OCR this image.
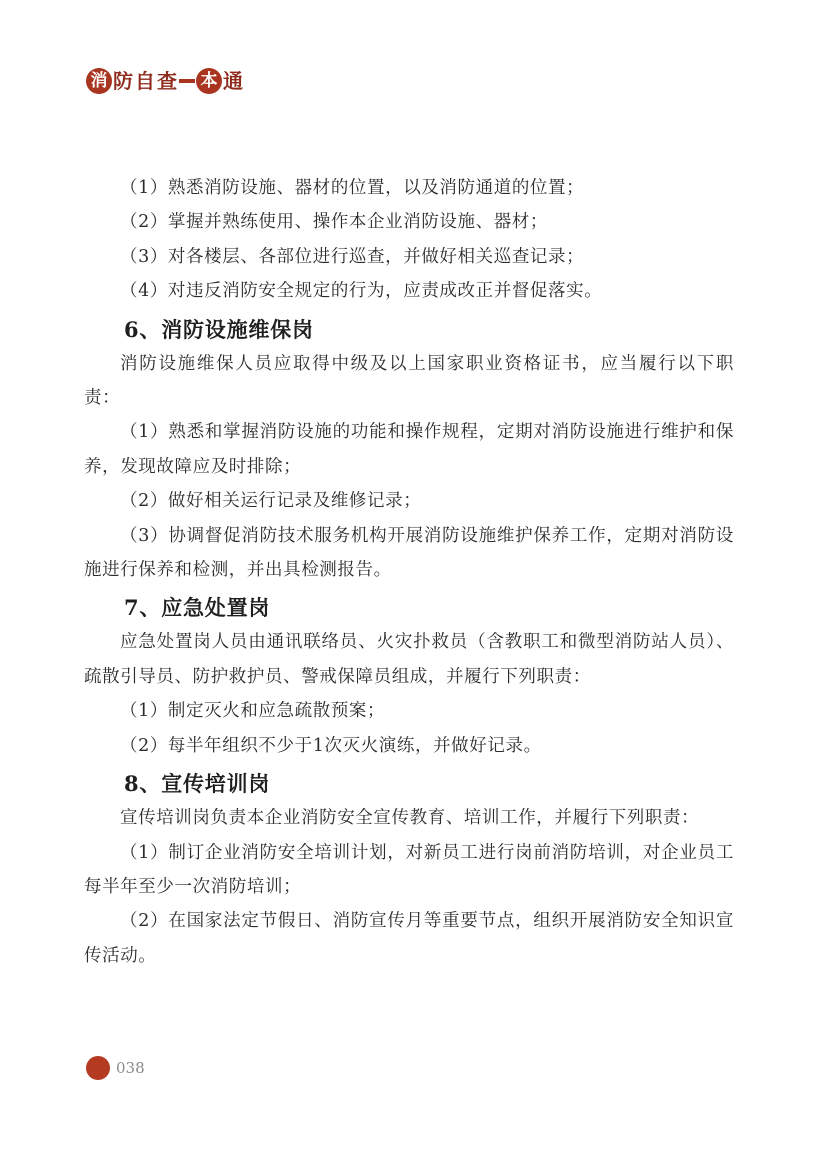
消 防 自 查 本 通

（1）熟悉消防设施、器材的位置，以及消防通道的位置；

（2）掌握并熟练使用、操作本企业消防设施、器材；

（3）对各楼层、各部位进行巡查，并做好相关巡查记录；

（4）对违反消防安全规定的行为，应责成改正并督促落实。

6、消防设施维保岗

消防设施维保人员应取得中级及以上国家职业资格证书，应当履行以下职责：

（1）熟悉和掌握消防设施的功能和操作规程，定期对消防设施进行维护和保养，发现故障应及时排除；

（2）做好相关运行记录及维修记录；

（3）协调督促消防技术服务机构开展消防设施维护保养工作，定期对消防设施进行保养和检测，并出具检测报告。

7、应急处置岗

应急处置岗人员由通讯联络员、火灾扑救员（含教职工和微型消防站人员）、疏散引导员、防护救护员、警戒保障员组成，并履行下列职责：

（1）制定灭火和应急疏散预案；

（2）每半年组织不少于1次灭火演练，并做好记录。

8、宣传培训岗

宣传培训岗负责本企业消防安全宣传教育、培训工作，并履行下列职责：

（1）制订企业消防安全培训计划，对新员工进行岗前消防培训，对企业员工每半年至少一次消防培训；

（2）在国家法定节假日、消防宣传月等重要节点，组织开展消防安全知识宣传活动。

038
